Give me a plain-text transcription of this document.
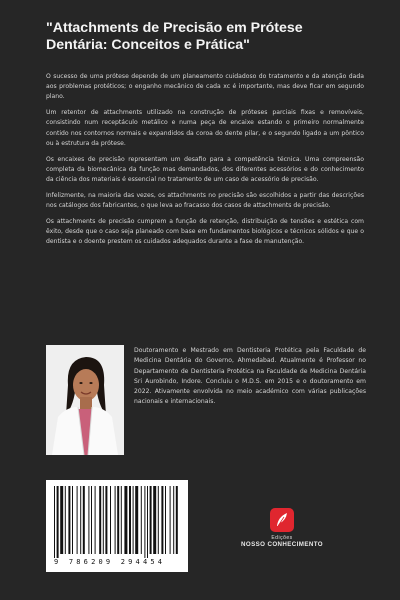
"Attachments de Precisão em Prótese Dentária: Conceitos e Prática"

O sucesso de uma prótese depende de um planeamento cuidadoso do tratamento e da atenção dada aos problemas protéticos; o enganho mecânico de cada xc é importante, mas deve ficar em segundo plano.

Um retentor de attachments utilizado na construção de próteses parciais fixas e removíveis, consistindo num receptáculo metálico e numa peça de encaixe estando o primeiro normalmente contido nos contornos normais e expandidos da coroa do dente pilar, e o segundo ligado a um pôntico ou à estrutura da prótese.

Os encaixes de precisão representam um desafio para a competência técnica. Uma compreensão completa da biomecânica da função mas demandados, dos diferentes acessórios e do conhecimento da ciência dos materiais é essencial no tratamento de um caso de acessório de precisão.

Infelizmente, na maioria das vezes, os attachments no precisão são escolhidos a partir das descrições nos catálogos dos fabricantes, o que leva ao fracasso dos casos de attachments de precisão.

Os attachments de precisão cumprem a função de retenção, distribuição de tensões e estética com êxito, desde que o caso seja planeado com base em fundamentos biológicos e técnicos sólidos e que o dentista e o doente prestem os cuidados adequados durante a fase de manutenção.

Doutoramento e Mestrado em Dentisteria Protética pela Faculdade de Medicina Dentária do Governo, Ahmedabad. Atualmente é Professor no Departamento de Dentisteria Protética na Faculdade de Medicina Dentária Sri Aurobindo, Indore. Concluiu o M.D.S. em 2015 e o doutoramento em 2022. Ativamente envolvida no meio académico com várias publicações nacionais e internacionais.

9 786209 294454
Edições
NOSSO CONHECIMENTO
